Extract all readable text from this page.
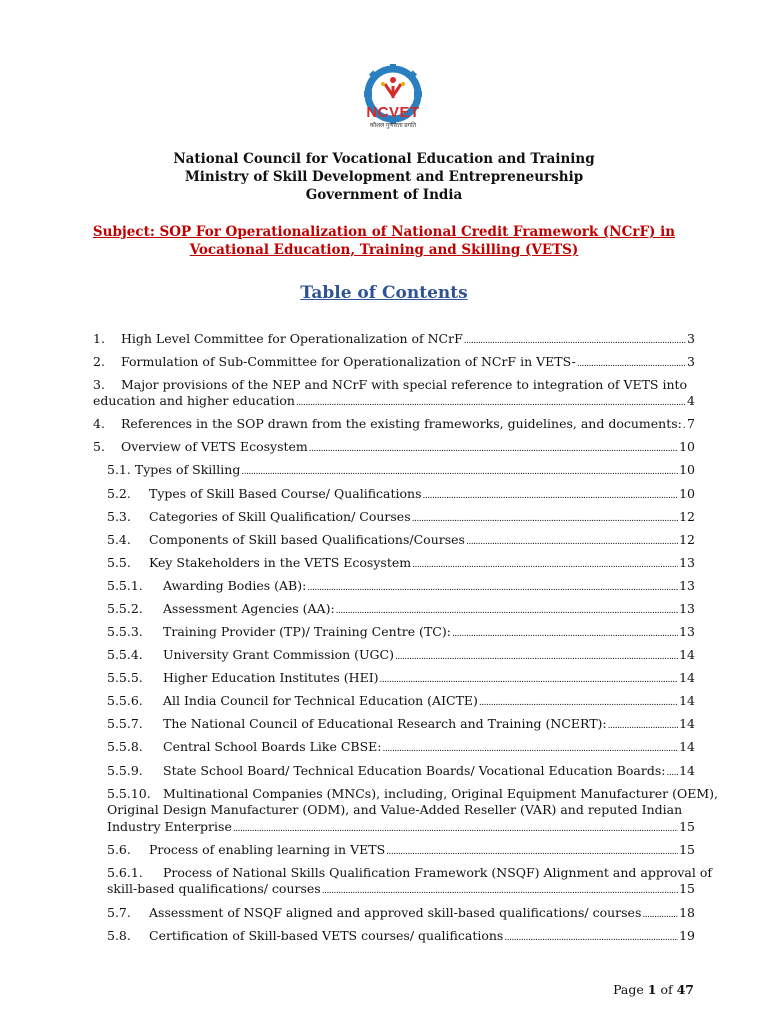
NCVET
कौशल गुणवत्ता प्रगति
National Council for Vocational Education and Training
Ministry of Skill Development and Entrepreneurship
Government of India
Subject: SOP For Operationalization of National Credit Framework (NCrF) in
Vocational Education, Training and Skilling (VETS)
Table of Contents
1.	High Level Committee for Operationalization of NCrF .....	3
2.	Formulation of Sub-Committee for Operationalization of NCrF in VETS- .....	3
3. Major provisions of the NEP and NCrF with special reference to integration of VETS into
education and higher education .....	4
4.	References in the SOP drawn from the existing frameworks, guidelines, and documents: ..... 7
5.	Overview of VETS Ecosystem .....	10
5.1. Types of Skilling .....	10
5.2.	Types of Skill Based Course/ Qualifications .....	10
5.3.	Categories of Skill Qualification/ Courses .....	12
5.4.	Components of Skill based Qualifications/Courses .....	12
5.5.	Key Stakeholders in the VETS Ecosystem .....	13
5.5.1.	Awarding Bodies (AB): .....	13
5.5.2.	Assessment Agencies (AA): .....	13
5.5.3.	Training Provider (TP)/ Training Centre (TC): .....	13
5.5.4.	University Grant Commission (UGC) .....	14
5.5.5.	Higher Education Institutes (HEI) .....	14
5.5.6.	All India Council for Technical Education (AICTE) .....	14
5.5.7.	The National Council of Educational Research and Training (NCERT): .....	14
5.5.8.	Central School Boards Like CBSE: .....	14
5.5.9.	State School Board/ Technical Education Boards/ Vocational Education Boards: ..... 14
5.5.10. Multinational Companies (MNCs), including, Original Equipment Manufacturer (OEM),
Original Design Manufacturer (ODM), and Value-Added Reseller (VAR) and reputed Indian
Industry Enterprise .....	15
5.6.	Process of enabling learning in VETS .....	15
5.6.1. Process of National Skills Qualification Framework (NSQF) Alignment and approval of
skill-based qualifications/ courses .....	15
5.7.	Assessment of NSQF aligned and approved skill-based qualifications/ courses .....	18
5.8.	Certification of Skill-based VETS courses/ qualifications .....	19
Page 1 of 47
